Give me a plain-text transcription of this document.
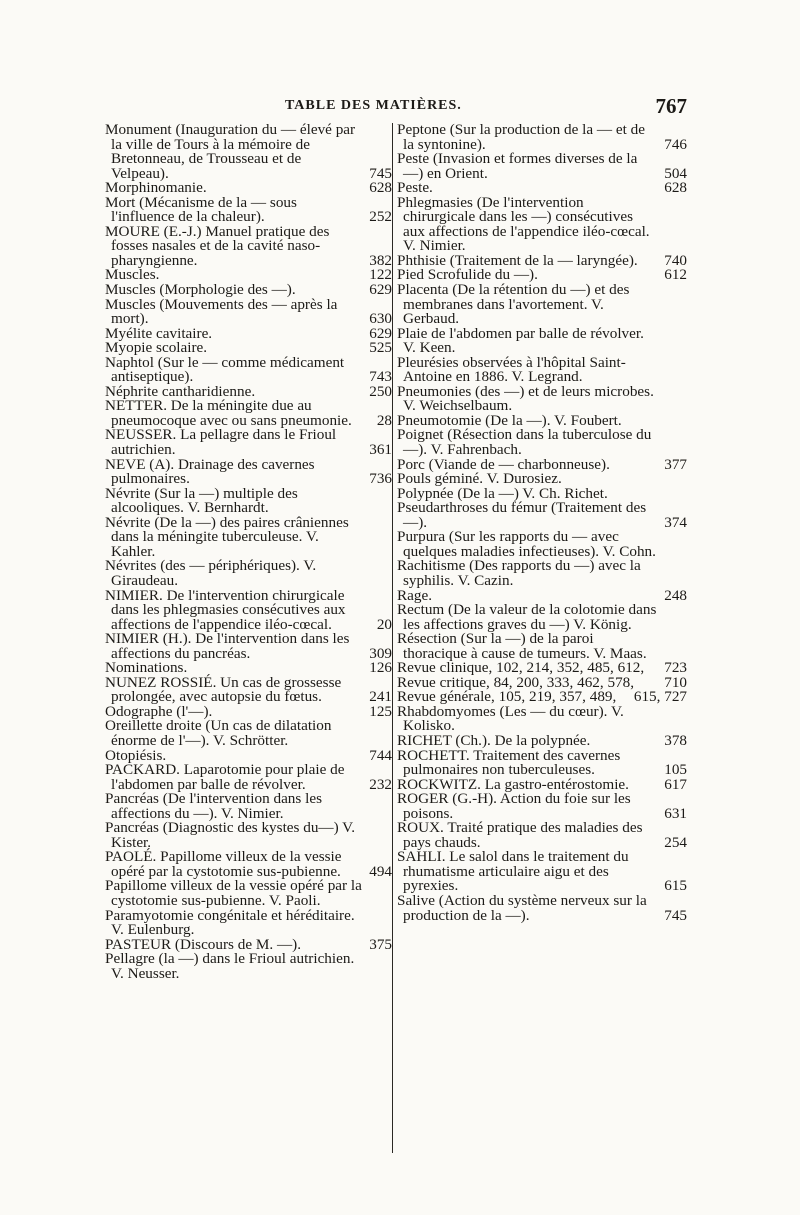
TABLE DES MATIÈRES.	767
Monument (Inauguration du — élevé par la ville de Tours à la mémoire de Bretonneau, de Trousseau et de Velpeau).	745
Morphinomanie.	628
Mort (Mécanisme de la — sous l'influence de la chaleur).	252
MOURE (E.-J.) Manuel pratique des fosses nasales et de la cavité naso-pharyngienne.	382
Muscles.	122
Muscles (Morphologie des —).	629
Muscles (Mouvements des — après la mort).	630
Myélite cavitaire.	629
Myopie scolaire.	525
Naphtol (Sur le — comme médicament antiseptique).	743
Néphrite cantharidienne.	250
NETTER. De la méningite due au pneumocoque avec ou sans pneumonie.	28
NEUSSER. La pellagre dans le Frioul autrichien.	361
NEVE (A). Drainage des cavernes pulmonaires.	736
Névrite (Sur la —) multiple des alcooliques. V. Bernhardt.
Névrite (De la —) des paires crâniennes dans la méningite tuberculeuse. V. Kahler.
Névrites (des — périphériques). V. Giraudeau.
NIMIER. De l'intervention chirurgicale dans les phlegmasies consécutives aux affections de l'appendice iléo-cœcal.	20
NIMIER (H.). De l'intervention dans les affections du pancréas.	309
Nominations.	126
NUNEZ ROSSIÉ. Un cas de grossesse prolongée, avec autopsie du fœtus.	241
Odographe (l'—).	125
Oreillette droite (Un cas de dilatation énorme de l'—). V. Schrötter.
Otopiésis.	744
PACKARD. Laparotomie pour plaie de l'abdomen par balle de révolver.	232
Pancréas (De l'intervention dans les affections du —). V. Nimier.
Pancréas (Diagnostic des kystes du—) V. Kister.
PAOLÉ. Papillome villeux de la vessie opéré par la cystotomie sus-pubienne.	494
Papillome villeux de la vessie opéré par la cystotomie sus-pubienne. V. Paoli.
Paramyotomie congénitale et héréditaire. V. Eulenburg.
PASTEUR (Discours de M. —).	375
Pellagre (la —) dans le Frioul autrichien. V. Neusser.
Peptone (Sur la production de la — et de la syntonine).	746
Peste (Invasion et formes diverses de la —) en Orient.	504
Peste.	628
Phlegmasies (De l'intervention chirurgicale dans les —) consécutives aux affections de l'appendice iléo-cœcal. V. Nimier.
Phthisie (Traitement de la — laryngée).	740
Pied Scrofulide du —).	612
Placenta (De la rétention du —) et des membranes dans l'avortement. V. Gerbaud.
Plaie de l'abdomen par balle de révolver. V. Keen.
Pleurésies observées à l'hôpital Saint-Antoine en 1886. V. Legrand.
Pneumonies (des —) et de leurs microbes. V. Weichselbaum.
Pneumotomie (De la —). V. Foubert.
Poignet (Résection dans la tuberculose du —). V. Fahrenbach.
Porc (Viande de — charbonneuse).	377
Pouls géminé. V. Durosiez.
Polypnée (De la —) V. Ch. Richet.
Pseudarthroses du fémur (Traitement des —).	374
Purpura (Sur les rapports du — avec quelques maladies infectieuses). V. Cohn.
Rachitisme (Des rapports du —) avec la syphilis. V. Cazin.
Rage.	248
Rectum (De la valeur de la colotomie dans les affections graves du —) V. König.
Résection (Sur la —) de la paroi thoracique à cause de tumeurs. V. Maas.
Revue clinique, 102, 214, 352, 485, 612,	723
Revue critique, 84, 200, 333, 462, 578,	710
Revue générale, 105, 219, 357, 489,	615, 727
Rhabdomyomes (Les — du cœur). V. Kolisko.
RICHET (Ch.). De la polypnée.	378
ROCHETT. Traitement des cavernes pulmonaires non tuberculeuses.	105
ROCKWITZ. La gastro-entérostomie.	617
ROGER (G.-H). Action du foie sur les poisons.	631
ROUX. Traité pratique des maladies des pays chauds.	254
SAHLI. Le salol dans le traitement du rhumatisme articulaire aigu et des pyrexies.	615
Salive (Action du système nerveux sur la production de la —).	745
